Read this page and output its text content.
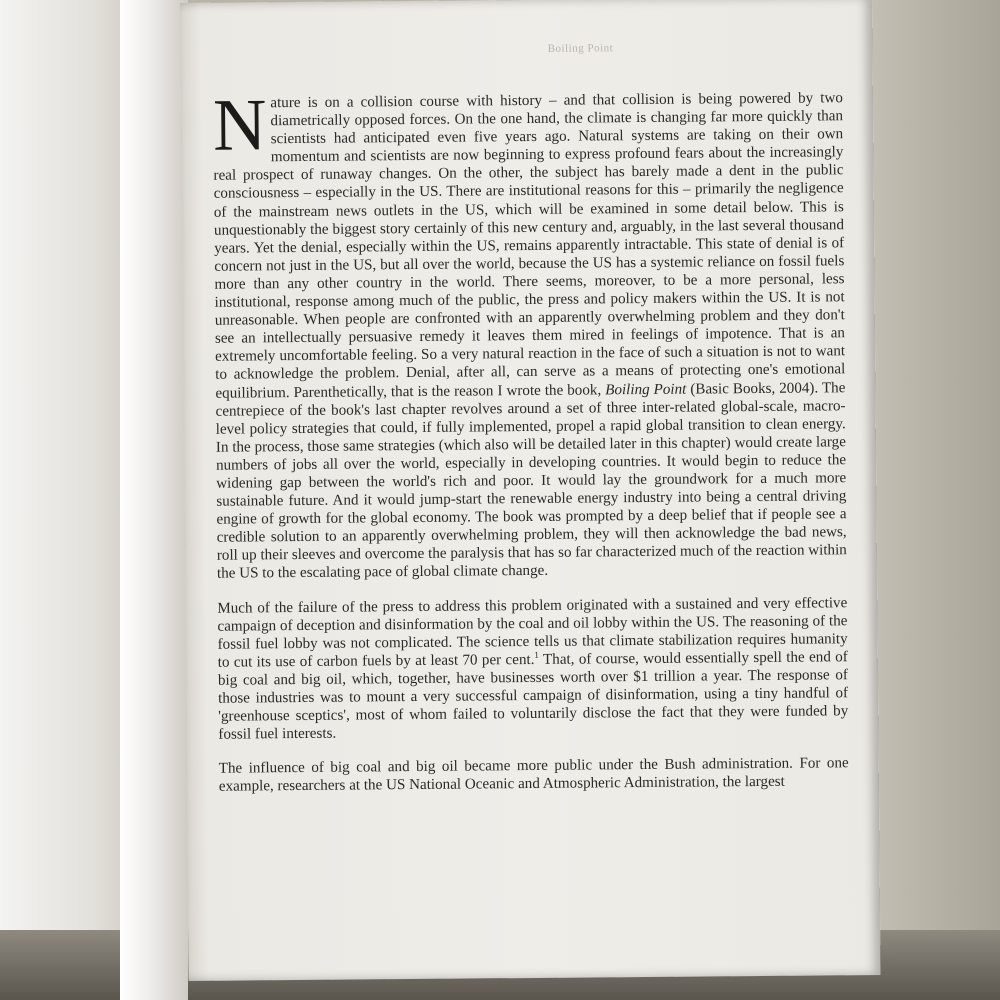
Boiling Point

Nature is on a collision course with history – and that collision is being powered by two diametrically opposed forces. On the one hand, the climate is changing far more quickly than scientists had anticipated even five years ago. Natural systems are taking on their own momentum and scientists are now beginning to express profound fears about the increasingly real prospect of runaway changes. On the other, the subject has barely made a dent in the public consciousness – especially in the US. There are institutional reasons for this – primarily the negligence of the mainstream news outlets in the US, which will be examined in some detail below. This is unquestionably the biggest story certainly of this new century and, arguably, in the last several thousand years. Yet the denial, especially within the US, remains apparently intractable. This state of denial is of concern not just in the US, but all over the world, because the US has a systemic reliance on fossil fuels more than any other country in the world. There seems, moreover, to be a more personal, less institutional, response among much of the public, the press and policy makers within the US. It is not unreasonable. When people are confronted with an apparently overwhelming problem and they don't see an intellectually persuasive remedy it leaves them mired in feelings of impotence. That is an extremely uncomfortable feeling. So a very natural reaction in the face of such a situation is not to want to acknowledge the problem. Denial, after all, can serve as a means of protecting one's emotional equilibrium. Parenthetically, that is the reason I wrote the book, Boiling Point (Basic Books, 2004). The centrepiece of the book's last chapter revolves around a set of three inter-related global-scale, macro-level policy strategies that could, if fully implemented, propel a rapid global transition to clean energy. In the process, those same strategies (which also will be detailed later in this chapter) would create large numbers of jobs all over the world, especially in developing countries. It would begin to reduce the widening gap between the world's rich and poor. It would lay the groundwork for a much more sustainable future. And it would jump-start the renewable energy industry into being a central driving engine of growth for the global economy. The book was prompted by a deep belief that if people see a credible solution to an apparently overwhelming problem, they will then acknowledge the bad news, roll up their sleeves and overcome the paralysis that has so far characterized much of the reaction within the US to the escalating pace of global climate change.

Much of the failure of the press to address this problem originated with a sustained and very effective campaign of deception and disinformation by the coal and oil lobby within the US. The reasoning of the fossil fuel lobby was not complicated. The science tells us that climate stabilization requires humanity to cut its use of carbon fuels by at least 70 per cent.$^1$ That, of course, would essentially spell the end of big coal and big oil, which, together, have businesses worth over $1 trillion a year. The response of those industries was to mount a very successful campaign of disinformation, using a tiny handful of 'greenhouse sceptics', most of whom failed to voluntarily disclose the fact that they were funded by fossil fuel interests.

The influence of big coal and big oil became more public under the Bush administration. For one example, researchers at the US National Oceanic and Atmospheric Administration, the largest
